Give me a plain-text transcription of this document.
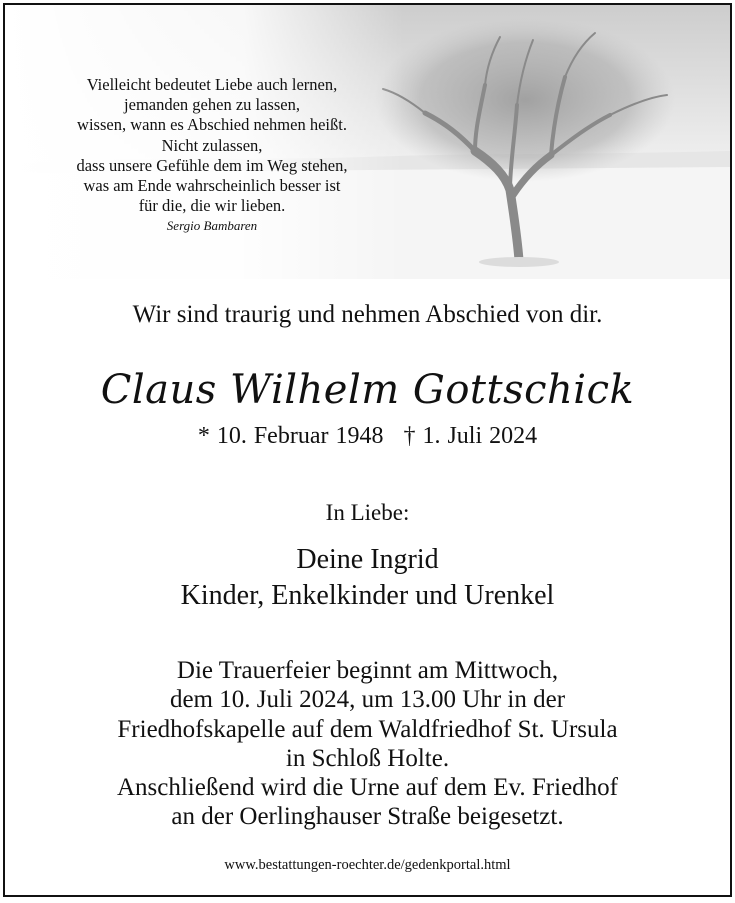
Vielleicht bedeutet Liebe auch lernen,
jemanden gehen zu lassen,
wissen, wann es Abschied nehmen heißt.
Nicht zulassen,
dass unsere Gefühle dem im Weg stehen,
was am Ende wahrscheinlich besser ist
für die, die wir lieben.
Sergio Bambaren
Wir sind traurig und nehmen Abschied von dir.
Claus Wilhelm Gottschick
* 10. Februar 1948 † 1. Juli 2024
In Liebe:
Deine Ingrid
Kinder, Enkelkinder und Urenkel
Die Trauerfeier beginnt am Mittwoch,
dem 10. Juli 2024, um 13.00 Uhr in der
Friedhofskapelle auf dem Waldfriedhof St. Ursula
in Schloß Holte.
Anschließend wird die Urne auf dem Ev. Friedhof
an der Oerlinghauser Straße beigesetzt.
www.bestattungen-roechter.de/gedenkportal.html
